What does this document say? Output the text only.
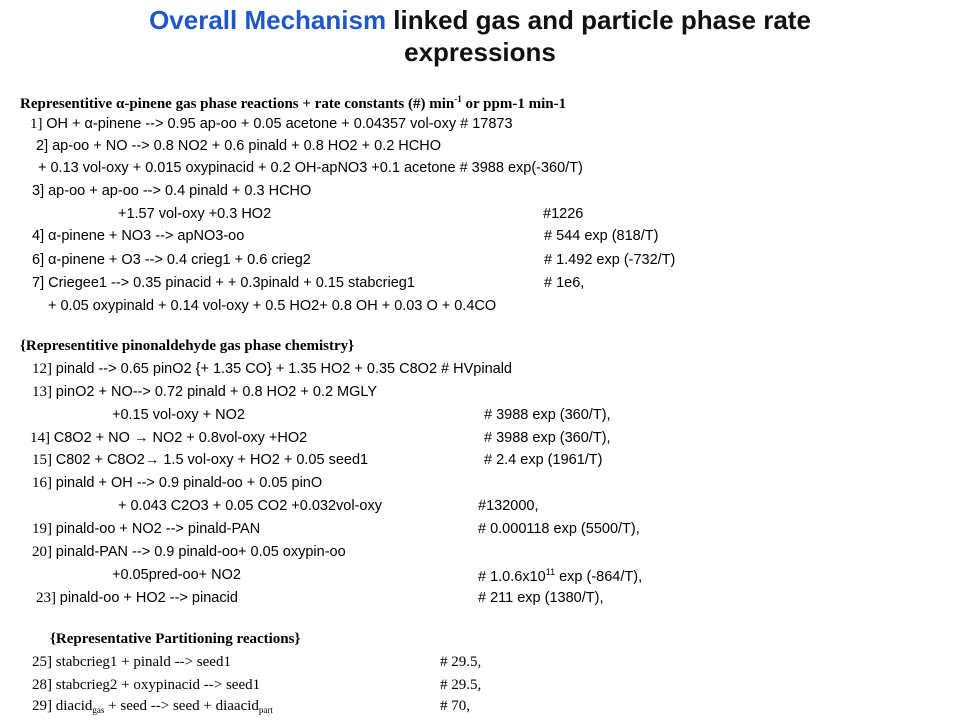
Overall Mechanism linked gas and particle phase rate
expressions
Representitive α-pinene gas phase reactions + rate constants (#) $\min^{-1}$ or ppm-1 min-1
1] OH + α-pinene --> 0.95 ap-oo + 0.05 acetone + 0.04357 vol-oxy # 17873
2] ap-oo + NO --> 0.8 NO2 + 0.6 pinald + 0.8 HO2 + 0.2 HCHO
+ 0.13 vol-oxy + 0.015 oxypinacid + 0.2 OH-apNO3 +0.1 acetone # 3988 exp(-360/T)
3] ap-oo + ap-oo --> 0.4 pinald + 0.3 HCHO
+1.57 vol-oxy +0.3 HO2	#1226
4] α-pinene + NO3 --> apNO3-oo	# 544 exp (818/T)
6] α-pinene + O3 --> 0.4 crieg1 + 0.6 crieg2	# 1.492 exp (-732/T)
7] Criegee1 --> 0.35 pinacid + + 0.3pinald + 0.15 stabcrieg1	# 1e6,
+ 0.05 oxypinald + 0.14 vol-oxy + 0.5 HO2+ 0.8 OH + 0.03 O + 0.4CO
{Representitive pinonaldehyde gas phase chemistry}
12] pinald --> 0.65 pinO2 {+ 1.35 CO} + 1.35 HO2 + 0.35 C8O2 # HVpinald
13] pinO2 + NO--> 0.72 pinald + 0.8 HO2 + 0.2 MGLY
+0.15 vol-oxy + NO2	# 3988 exp (360/T),
14] C8O2 + NO → NO2 + 0.8vol-oxy +HO2	# 3988 exp (360/T),
15] C802 + C8O2→ 1.5 vol-oxy + HO2 + 0.05 seed1	# 2.4 exp (1961/T)
16] pinald + OH --> 0.9 pinald-oo + 0.05 pinO
+ 0.043 C2O3 + 0.05 CO2 +0.032vol-oxy	#132000,
19] pinald-oo + NO2 --> pinald-PAN	# 0.000118 exp (5500/T),
20] pinald-PAN --> 0.9 pinald-oo+ 0.05 oxypin-oo
+0.05pred-oo+ NO2	# $1.0.6x10^{11}$ exp (-864/T),
23] pinald-oo + HO2 --> pinacid	# 211 exp (1380/T),
{Representative Partitioning reactions}
25] stabcrieg1 + pinald --> seed1	# 29.5,
28] stabcrieg2 + oxypinacid --> seed1	# 29.5,
29] diacid$_{gas}$ + seed --> seed + diaacid$_{part}$	# 70,
